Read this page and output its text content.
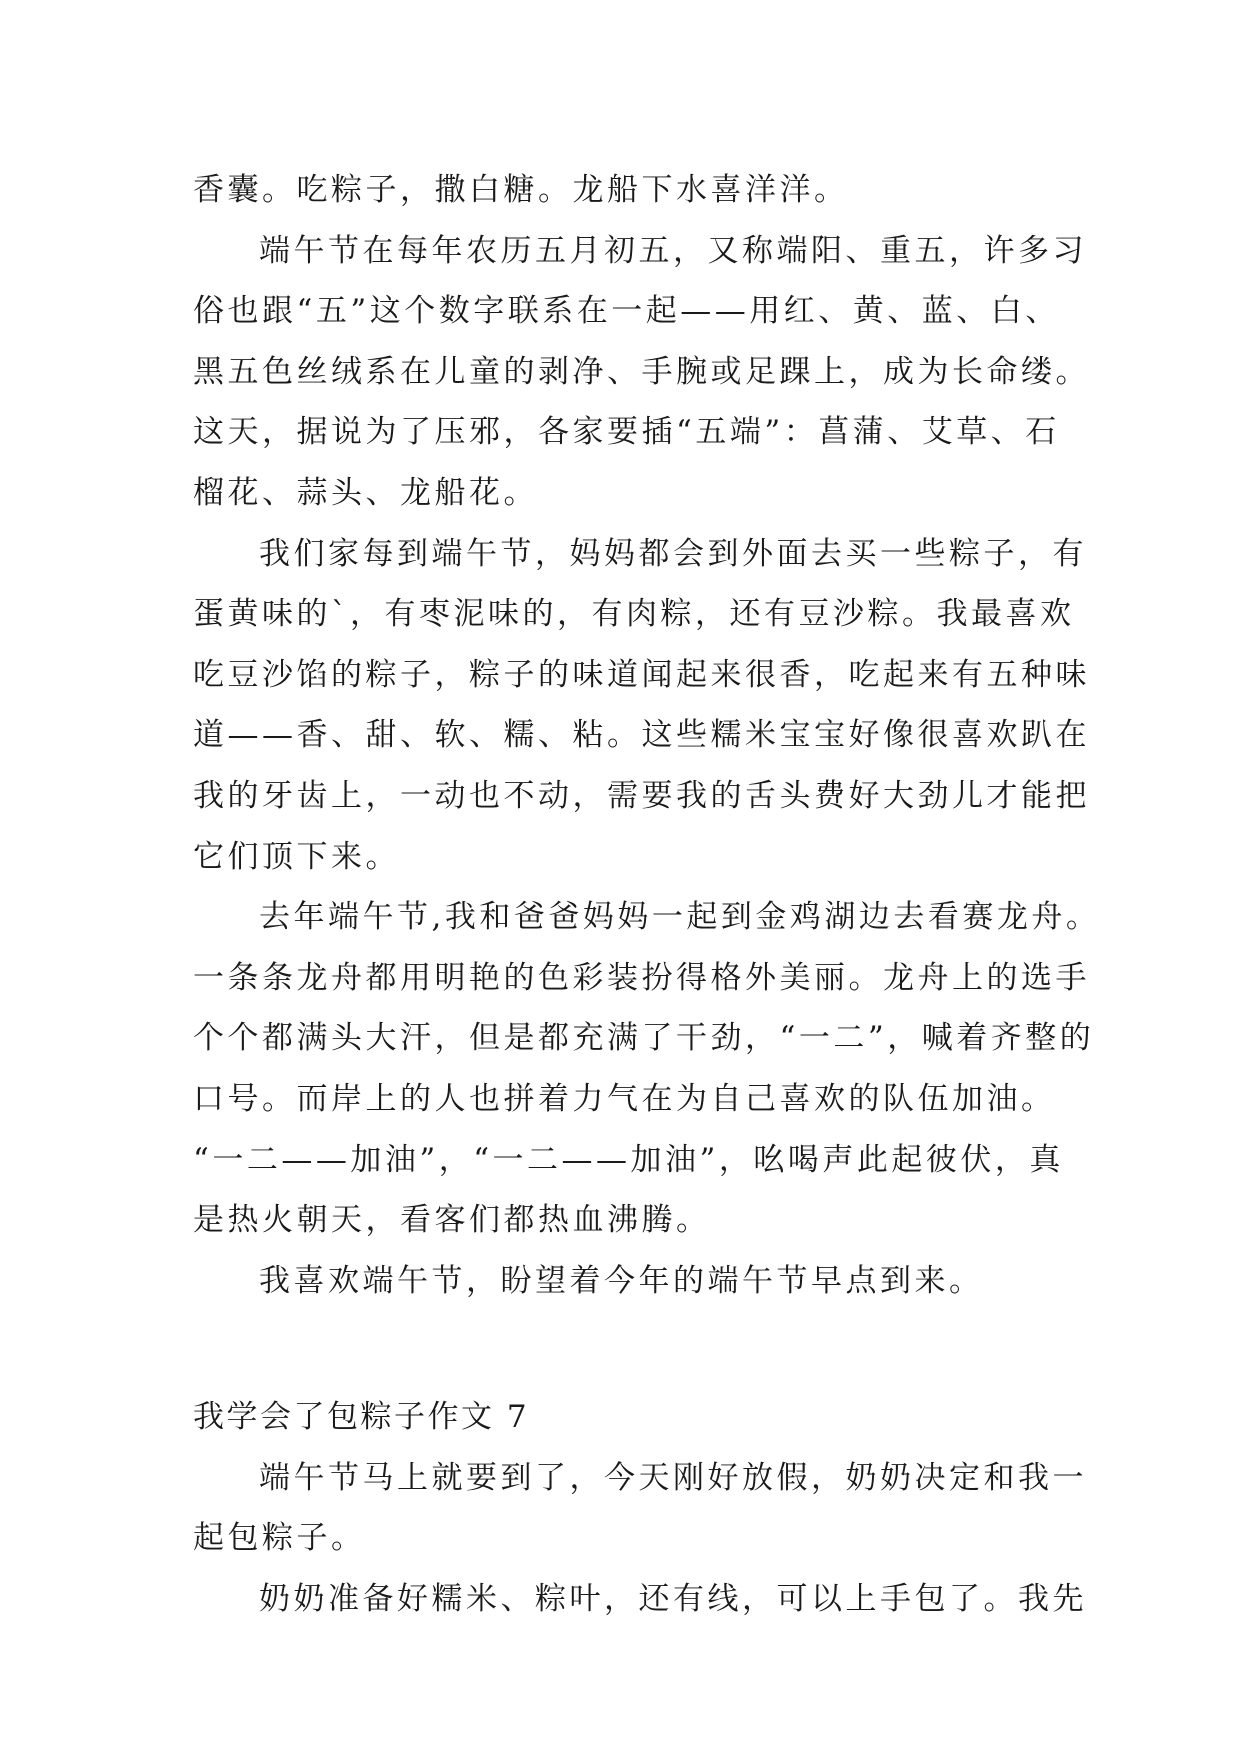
香囊。吃粽子，撒白糖。龙船下水喜洋洋。
端午节在每年农历五月初五，又称端阳、重五，许多习
俗也跟“五”这个数字联系在一起——用红、黄、蓝、白、
黑五色丝绒系在儿童的剥净、手腕或足踝上，成为长命缕。
这天，据说为了压邪，各家要插“五端”：菖蒲、艾草、石
榴花、蒜头、龙船花。
我们家每到端午节，妈妈都会到外面去买一些粽子，有
蛋黄味的`，有枣泥味的，有肉粽，还有豆沙粽。我最喜欢
吃豆沙馅的粽子，粽子的味道闻起来很香，吃起来有五种味
道——香、甜、软、糯、粘。这些糯米宝宝好像很喜欢趴在
我的牙齿上，一动也不动，需要我的舌头费好大劲儿才能把
它们顶下来。
去年端午节,我和爸爸妈妈一起到金鸡湖边去看赛龙舟。
一条条龙舟都用明艳的色彩装扮得格外美丽。龙舟上的选手
个个都满头大汗，但是都充满了干劲，“一二”，喊着齐整的
口号。而岸上的人也拼着力气在为自己喜欢的队伍加油。
“一二——加油”，“一二——加油”，吆喝声此起彼伏，真
是热火朝天，看客们都热血沸腾。
我喜欢端午节，盼望着今年的端午节早点到来。
我学会了包粽子作文 7
端午节马上就要到了，今天刚好放假，奶奶决定和我一
起包粽子。
奶奶准备好糯米、粽叶，还有线，可以上手包了。我先
